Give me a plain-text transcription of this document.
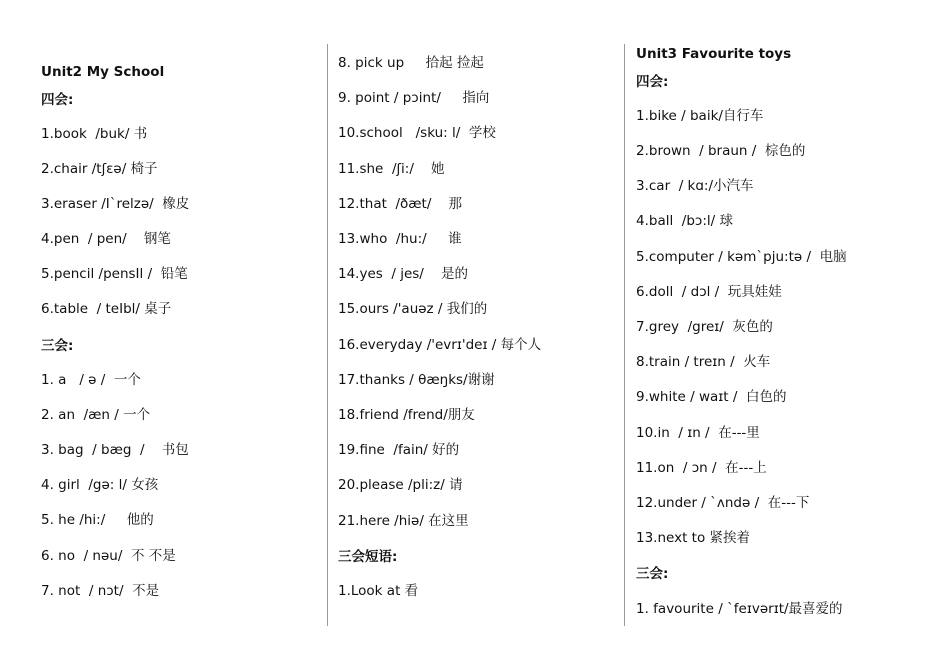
Unit2 My School
四会:
1.book  /buk/ 书
2.chair /tʃɛə/ 椅子
3.eraser /I`relzə/  橡皮
4.pen  / pen/    钢笔
5.pencil /pensIl /  铅笔
6.table  / teIbl/ 桌子
三会:
1. a   / ə /  一个
2. an  /æn / 一个
3. bag  / bæg  /    书包
4. girl  /gə: l/ 女孩
5. he /hi:/     他的
6. no  / nəu/  不 不是
7. not  / nɔt/  不是
8. pick up     拾起 捡起
9. point / pɔint/     指向
10.school   /sku: l/  学校
11.she  /ʃi:/    她
12.that  /ðæt/    那
13.who  /hu:/     谁
14.yes  / jes/    是的
15.ours /'auəz / 我们的
16.everyday /'evrɪ'deɪ / 每个人
17.thanks / θæŋks/谢谢
18.friend /frend/朋友
19.fine  /fain/ 好的
20.please /pli:z/ 请
21.here /hiə/ 在这里
三会短语:
1.Look at 看
Unit3 Favourite toys
四会:
1.bike / baik/自行车
2.brown  / braun /  棕色的
3.car  / kɑ:/小汽车
4.ball  /bɔ:l/ 球
5.computer / kəm`pju:tə /  电脑
6.doll  / dɔl /  玩具娃娃
7.grey  /greɪ/  灰色的
8.train / treɪn /  火车
9.white / waɪt /  白色的
10.in  / ɪn /  在---里
11.on  / ɔn /  在---上
12.under / `ʌndə /  在---下
13.next to 紧挨着
三会:
1. favourite / `feɪvərɪt/最喜爱的
